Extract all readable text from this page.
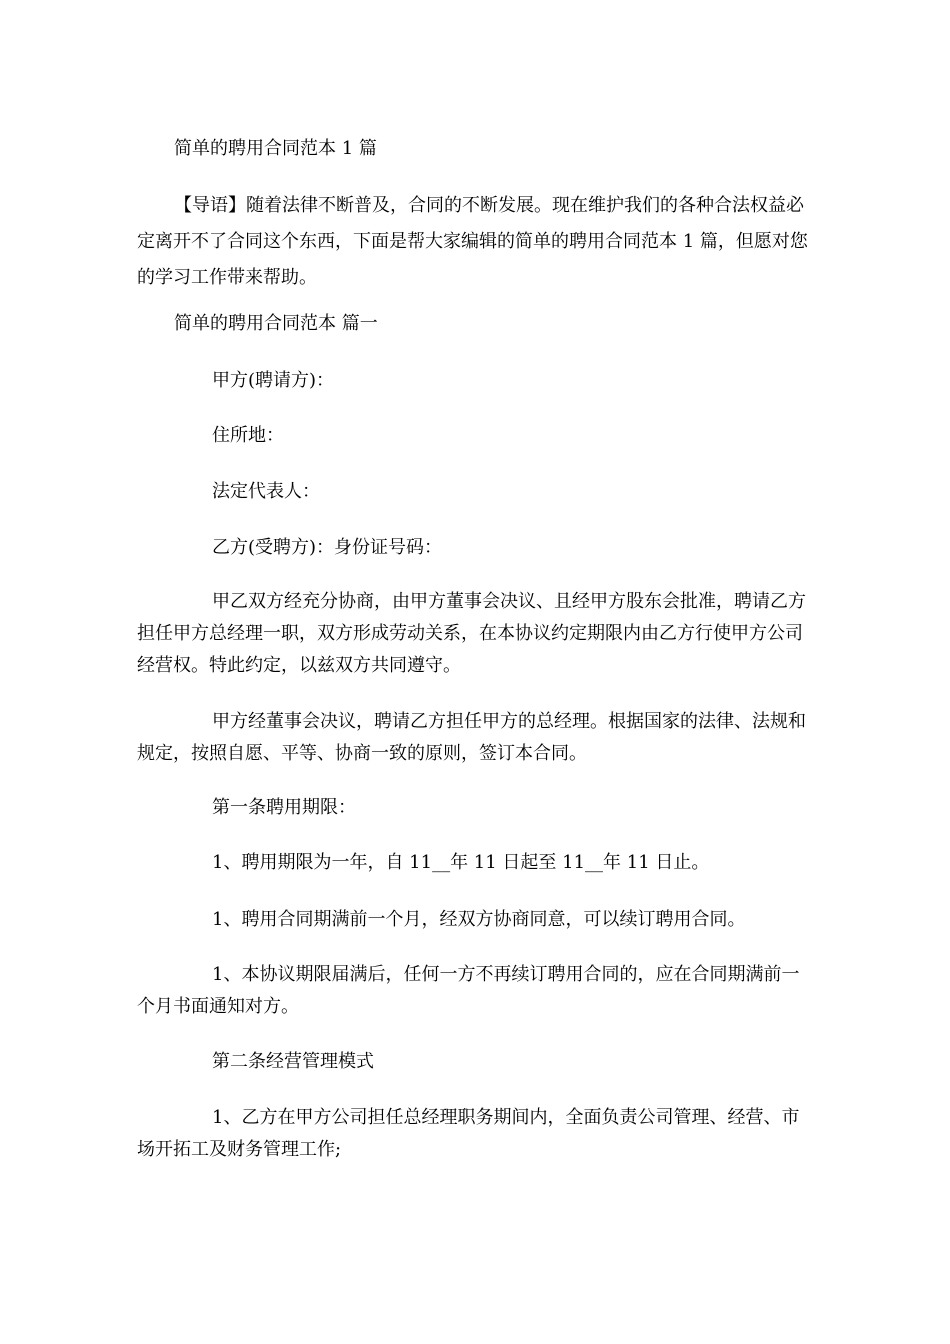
简单的聘用合同范本 1 篇

【导语】随着法律不断普及，合同的不断发展。现在维护我们的各种合法权益必定离开不了合同这个东西，下面是帮大家编辑的简单的聘用合同范本 1 篇，但愿对您的学习工作带来帮助。

简单的聘用合同范本 篇一

甲方(聘请方)：

住所地：

法定代表人：

乙方(受聘方)：身份证号码：

甲乙双方经充分协商，由甲方董事会决议、且经甲方股东会批准，聘请乙方担任甲方总经理一职，双方形成劳动关系，在本协议约定期限内由乙方行使甲方公司经营权。特此约定，以兹双方共同遵守。

甲方经董事会决议，聘请乙方担任甲方的总经理。根据国家的法律、法规和规定，按照自愿、平等、协商一致的原则，签订本合同。

第一条聘用期限：

1、聘用期限为一年，自 11__年 11 日起至 11__年 11 日止。

1、聘用合同期满前一个月，经双方协商同意，可以续订聘用合同。

1、本协议期限届满后，任何一方不再续订聘用合同的，应在合同期满前一个月书面通知对方。

第二条经营管理模式

1、乙方在甲方公司担任总经理职务期间内，全面负责公司管理、经营、市场开拓工及财务管理工作;
